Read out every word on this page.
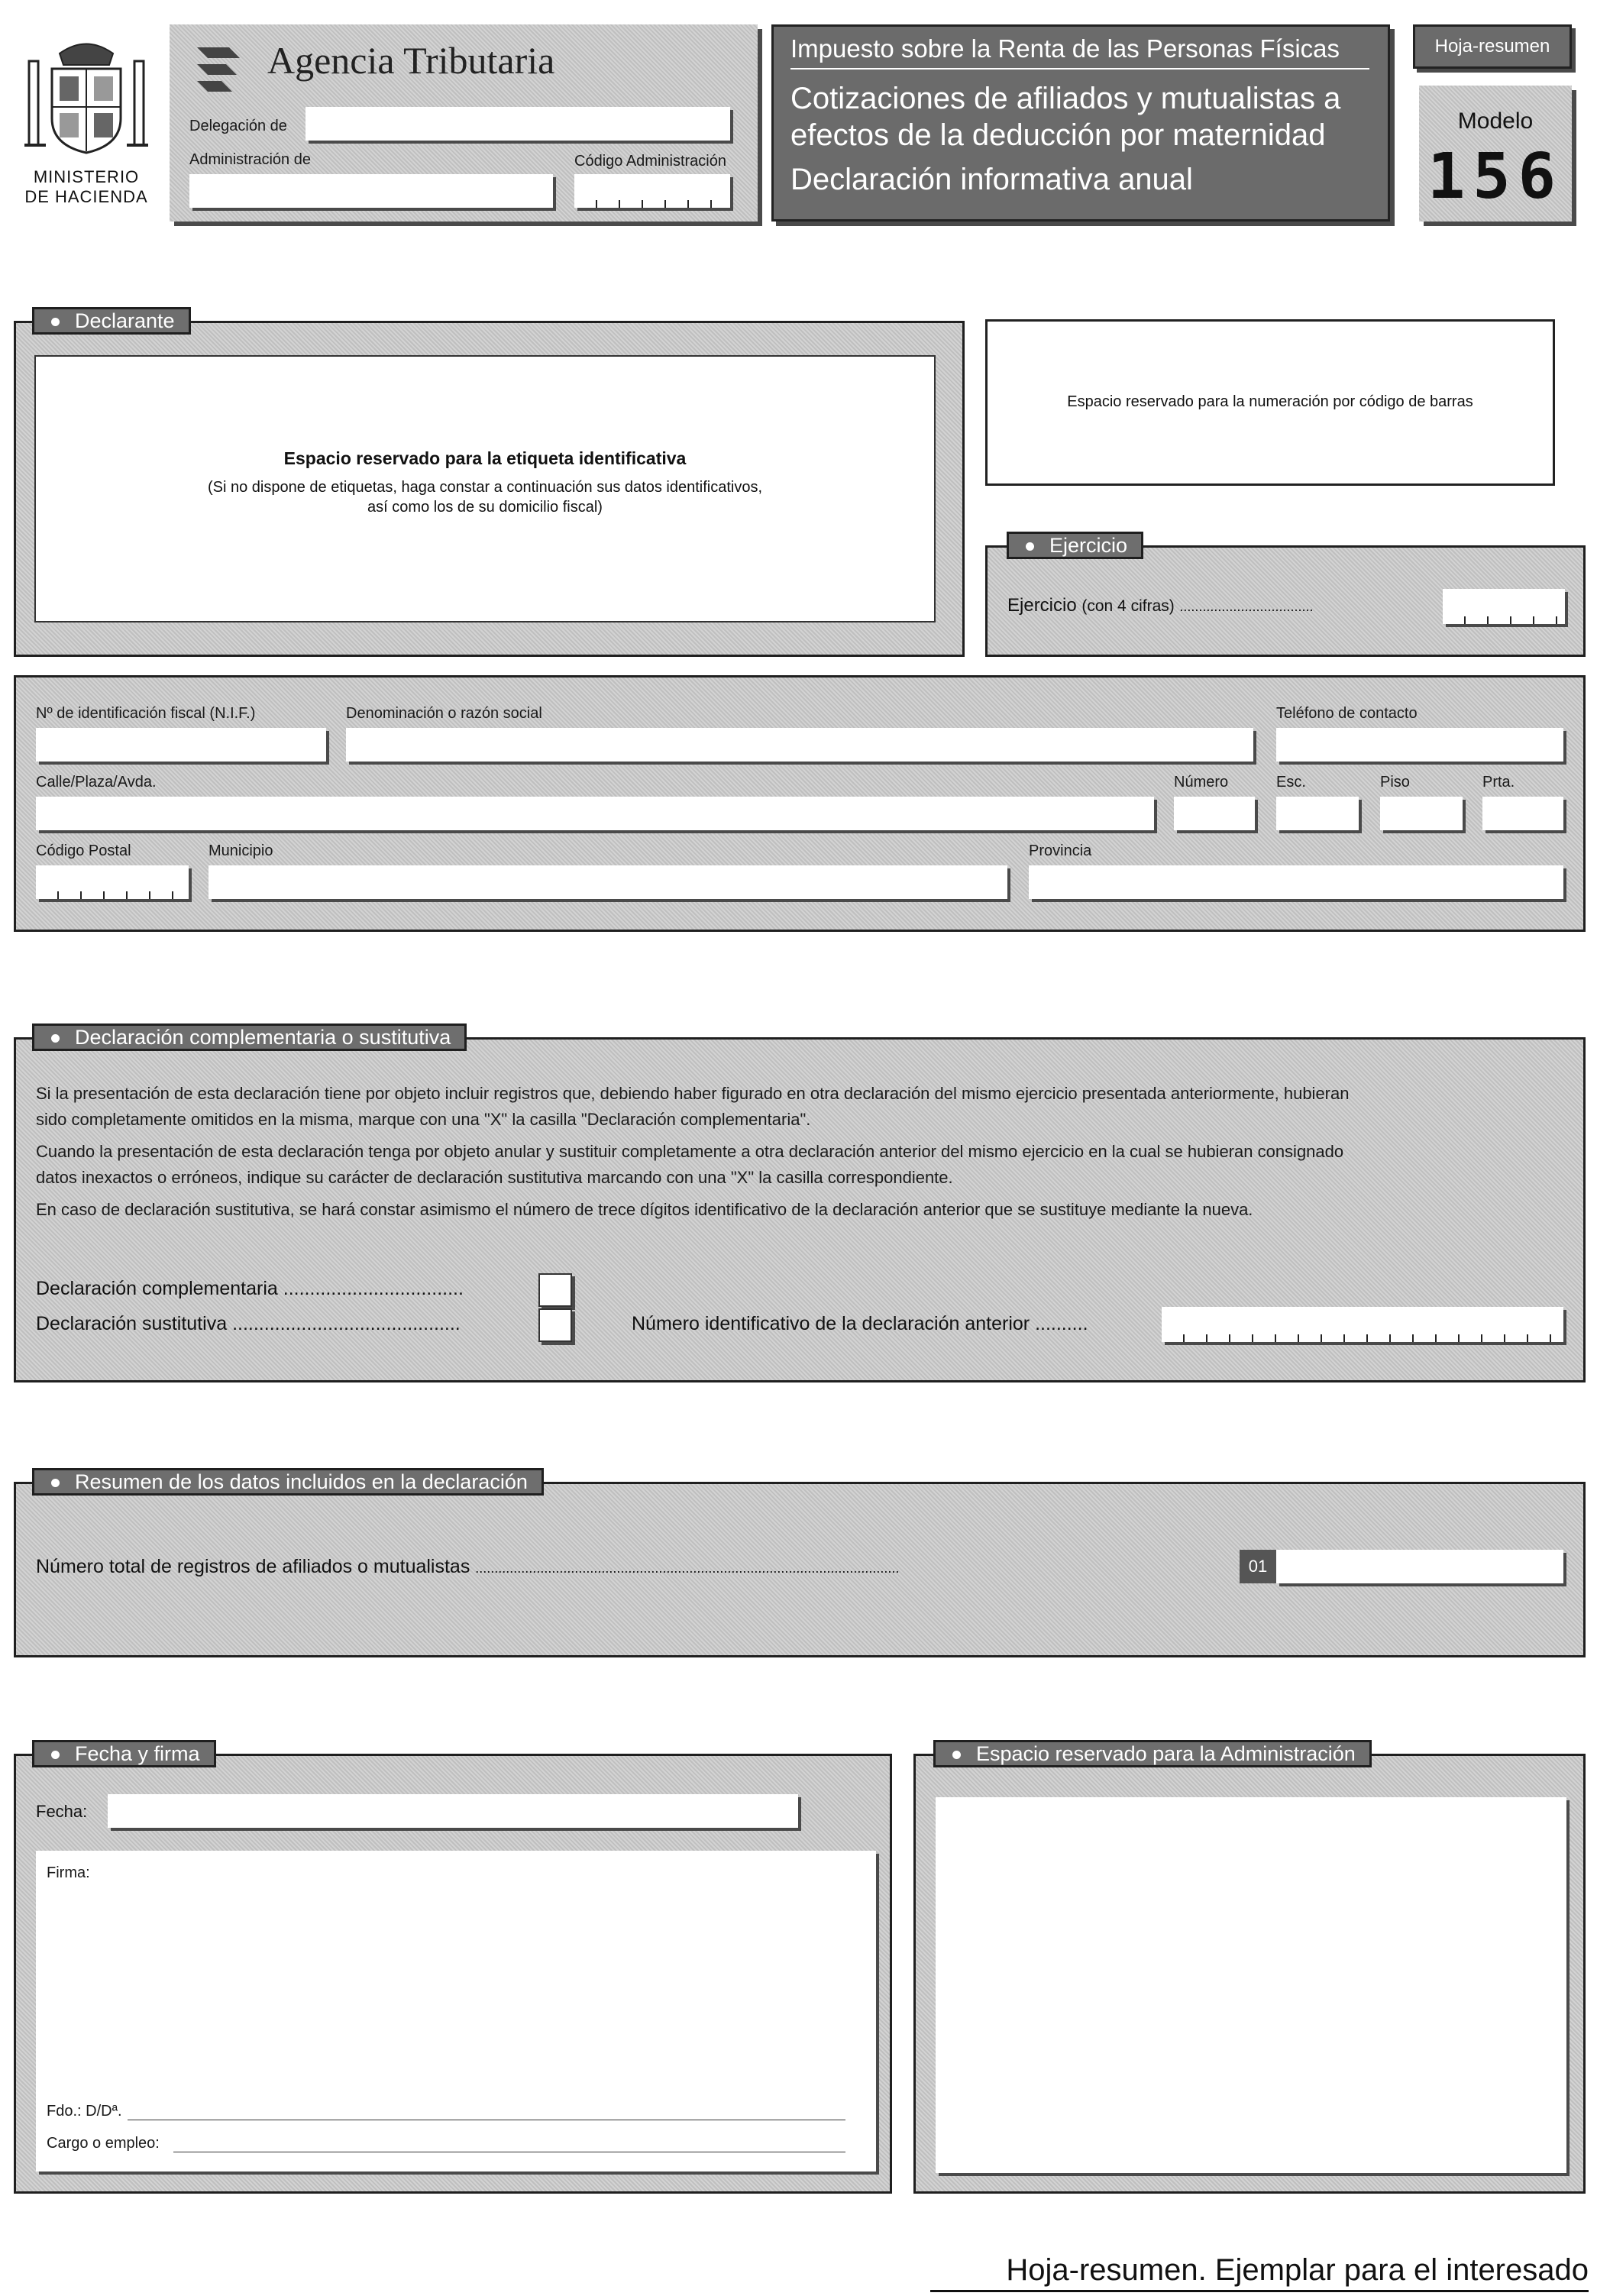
MINISTERIO
DE HACIENDA
Agencia Tributaria
Delegación de
Administración de	Código Administración
Impuesto sobre la Renta de las Personas Físicas
Cotizaciones de afiliados y mutualistas a
efectos de la deducción por maternidad
Declaración informativa anual
Hoja-resumen
Modelo
156
Espacio reservado para la etiqueta identificativa
(Si no dispone de etiquetas, haga constar a continuación sus datos identificativos,
así como los de su domicilio fiscal)
Declarante
Espacio reservado para la numeración por código de barras
Ejercicio (con 4 cifras) ...................................
Ejercicio
Nº de identificación fiscal (N.I.F.)	Denominación o razón social	Teléfono de contacto
Calle/Plaza/Avda.	Número	Esc.	Piso	Prta.
Código Postal	Municipio	Provincia
Si la presentación de esta declaración tiene por objeto incluir registros que, debiendo haber figurado en otra declaración del mismo ejercicio presentada anteriormente, hubieran
sido completamente omitidos en la misma, marque con una "X" la casilla "Declaración complementaria".
Cuando la presentación de esta declaración tenga por objeto anular y sustituir completamente a otra declaración anterior del mismo ejercicio en la cual se hubieran consignado
datos inexactos o erróneos, indique su carácter de declaración sustitutiva marcando con una "X" la casilla correspondiente.
En caso de declaración sustitutiva, se hará constar asimismo el número de trece dígitos identificativo de la declaración anterior que se sustituye mediante la nueva.
Declaración complementaria ..................................
Declaración sustitutiva ...........................................	Número identificativo de la declaración anterior ..........
Declaración complementaria o sustitutiva
Número total de registros de afiliados o mutualistas ...............................................................................................................	01
Resumen de los datos incluidos en la declaración
Fecha:
Firma:
Fdo.: D/Dª.
Cargo o empleo:
Fecha y firma	Espacio reservado para la Administración
Hoja-resumen. Ejemplar para el interesado
